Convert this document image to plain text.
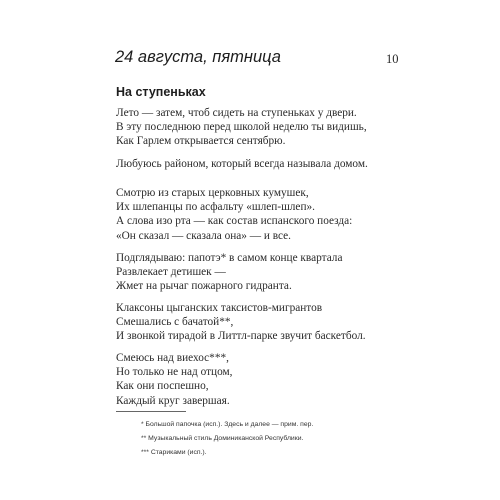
24 августа, пятница	10
На ступеньках
Лето — затем, чтоб сидеть на ступеньках у двери.
В эту последнюю перед школой неделю ты видишь,
Как Гарлем открывается сентябрю.
Любуюсь районом, который всегда называла домом.
Смотрю из старых церковных кумушек,
Их шлепанцы по асфальту «шлеп-шлеп».
А слова изо рта — как состав испанского поезда:
«Он сказал — сказала она» — и все.
Подглядываю: папотэ* в самом конце квартала
Развлекает детишек —
Жмет на рычаг пожарного гидранта.
Клаксоны цыганских таксистов-мигрантов
Смешались с бачатой**,
И звонкой тирадой в Литтл-парке звучит баскетбол.
Смеюсь над виехос***,
Но только не над отцом,
Как они поспешно,
Каждый круг завершая.
* Большой папочка (исп.). Здесь и далее — прим. пер.
** Музыкальный стиль Доминиканской Республики.
*** Стариками (исп.).
